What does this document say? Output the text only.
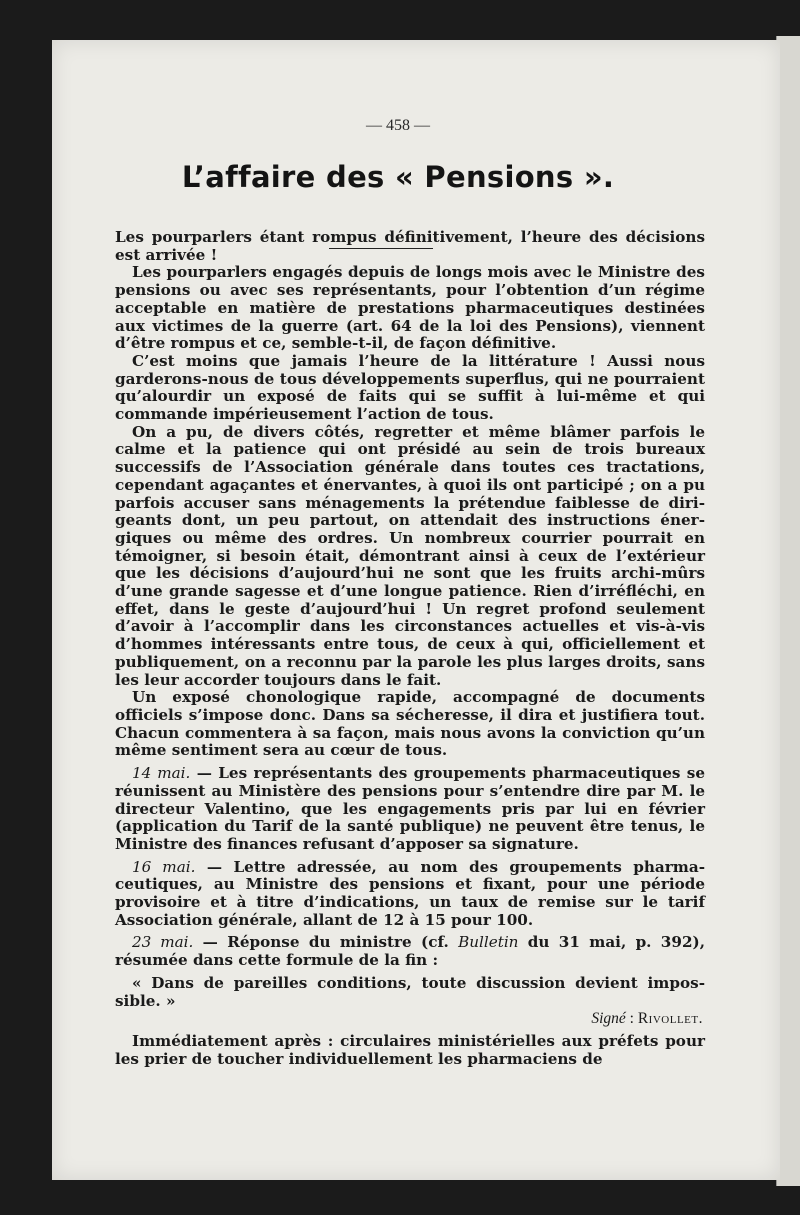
— 458 —

L’affaire des « Pensions ».

Les pourparlers étant rompus définitivement, l’heure des décisions est arrivée !

Les pourparlers engagés depuis de longs mois avec le Ministre des pensions ou avec ses représentants, pour l’obtention d’un régime acceptable en matière de prestations pharmaceutiques destinées aux victimes de la guerre (art. 64 de la loi des Pensions), viennent d’être rompus et ce, semble-t-il, de façon définitive.

C’est moins que jamais l’heure de la littérature ! Aussi nous garderons-nous de tous développements superflus, qui ne pourraient qu’alourdir un exposé de faits qui se suffit à lui-même et qui commande impérieusement l’action de tous.

On a pu, de divers côtés, regretter et même blâmer parfois le calme et la patience qui ont présidé au sein de trois bureaux successifs de l’Association générale dans toutes ces tractations, cependant agaçantes et énervantes, à quoi ils ont participé ; on a pu parfois accuser sans ménagements la prétendue faiblesse de dirigeants dont, un peu partout, on attendait des instructions énergiques ou même des ordres. Un nombreux courrier pourrait en témoigner, si besoin était, démontrant ainsi à ceux de l’extérieur que les décisions d’aujourd’hui ne sont que les fruits archi-mûrs d’une grande sagesse et d’une longue patience. Rien d’irréfléchi, en effet, dans le geste d’aujourd’hui ! Un regret profond seulement d’avoir à l’accomplir dans les circonstances actuelles et vis-à-vis d’hommes intéressants entre tous, de ceux à qui, officiellement et publiquement, on a reconnu par la parole les plus larges droits, sans les leur accorder toujours dans le fait.

Un exposé chonologique rapide, accompagné de documents officiels s’impose donc. Dans sa sécheresse, il dira et justifiera tout. Chacun commentera à sa façon, mais nous avons la conviction qu’un même sentiment sera au cœur de tous.

14 mai. — Les représentants des groupements pharmaceutiques se réunissent au Ministère des pensions pour s’entendre dire par M. le directeur Valentino, que les engagements pris par lui en février (application du Tarif de la santé publique) ne peuvent être tenus, le Ministre des finances refusant d’apposer sa signature.

16 mai. — Lettre adressée, au nom des groupements pharmaceutiques, au Ministre des pensions et fixant, pour une période provisoire et à titre d’indications, un taux de remise sur le tarif Association générale, allant de 12 à 15 pour 100.

23 mai. — Réponse du ministre (cf. Bulletin du 31 mai, p. 392), résumée dans cette formule de la fin :

« Dans de pareilles conditions, toute discussion devient impossible. »

Signé : Rivollet.

Immédiatement après : circulaires ministérielles aux préfets pour les prier de toucher individuellement les pharmaciens de
